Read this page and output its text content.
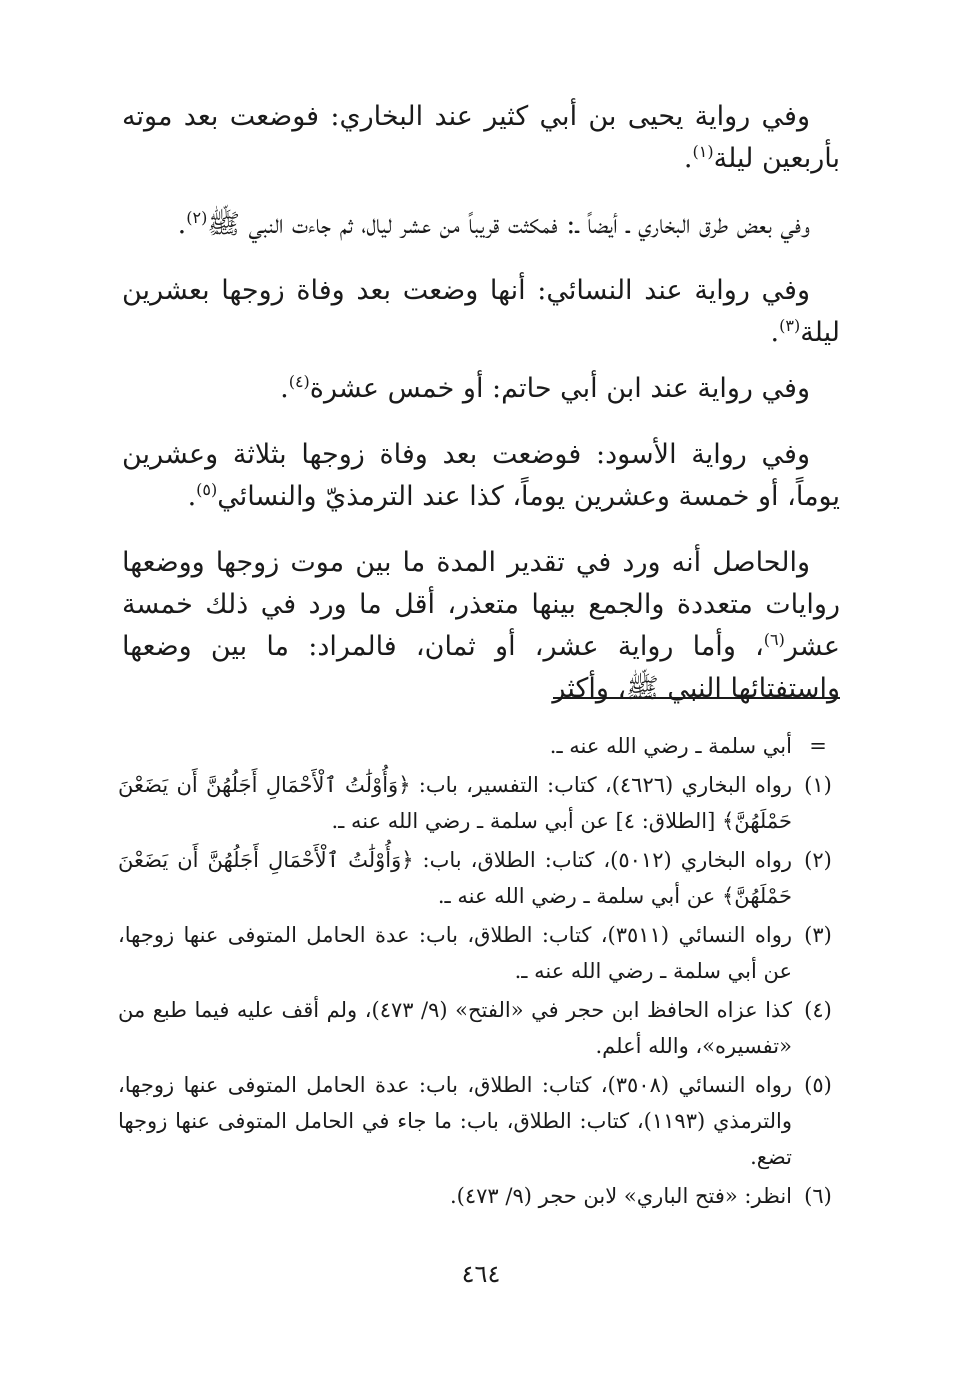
وفي رواية يحيى بن أبي كثير عند البخاري: فوضعت بعد موته بأربعين ليلة$^{(١)}$.

وفي بعض طرق البخاري ـ أيضاً ـ: فمكثت قريباً من عشر ليال، ثم جاءت النبي ﷺ$^{(٢)}$.

وفي رواية عند النسائي: أنها وضعت بعد وفاة زوجها بعشرين ليلة$^{(٣)}$.

وفي رواية عند ابن أبي حاتم: أو خمس عشرة$^{(٤)}$.

وفي رواية الأسود: فوضعت بعد وفاة زوجها بثلاثة وعشرين يوماً، أو خمسة وعشرين يوماً، كذا عند الترمذيّ والنسائي$^{(٥)}$.

والحاصل أنه ورد في تقدير المدة ما بين موت زوجها ووضعها روايات متعددة والجمع بينها متعذر، أقل ما ورد في ذلك خمسة عشر$^{(٦)}$، وأما رواية عشر، أو ثمان، فالمراد: ما بين وضعها واستفتائها النبي ﷺ، وأكثر

=
أبي سلمة ـ رضي الله عنه ـ.
(١)
رواه البخاري (٤٦٢٦)، كتاب: التفسير، باب: ﴿وَأُوْلَٰتُ ٱلْأَحْمَالِ أَجَلُهُنَّ أَن يَضَعْنَ حَمْلَهُنَّ﴾ [الطلاق: ٤] عن أبي سلمة ـ رضي الله عنه ـ.
(٢)
رواه البخاري (٥٠١٢)، كتاب: الطلاق، باب: ﴿وَأُوْلَٰتُ ٱلْأَحْمَالِ أَجَلُهُنَّ أَن يَضَعْنَ حَمْلَهُنَّ﴾ عن أبي سلمة ـ رضي الله عنه ـ.
(٣)
رواه النسائي (٣٥١١)، كتاب: الطلاق، باب: عدة الحامل المتوفى عنها زوجها، عن أبي سلمة ـ رضي الله عنه ـ.
(٤)
كذا عزاه الحافظ ابن حجر في «الفتح» (٩/ ٤٧٣)، ولم أقف عليه فيما طبع من «تفسيره»، والله أعلم.
(٥)
رواه النسائي (٣٥٠٨)، كتاب: الطلاق، باب: عدة الحامل المتوفى عنها زوجها، والترمذي (١١٩٣)، كتاب: الطلاق، باب: ما جاء في الحامل المتوفى عنها زوجها تضع.
(٦)
انظر: «فتح الباري» لابن حجر (٩/ ٤٧٣).
٤٦٤
